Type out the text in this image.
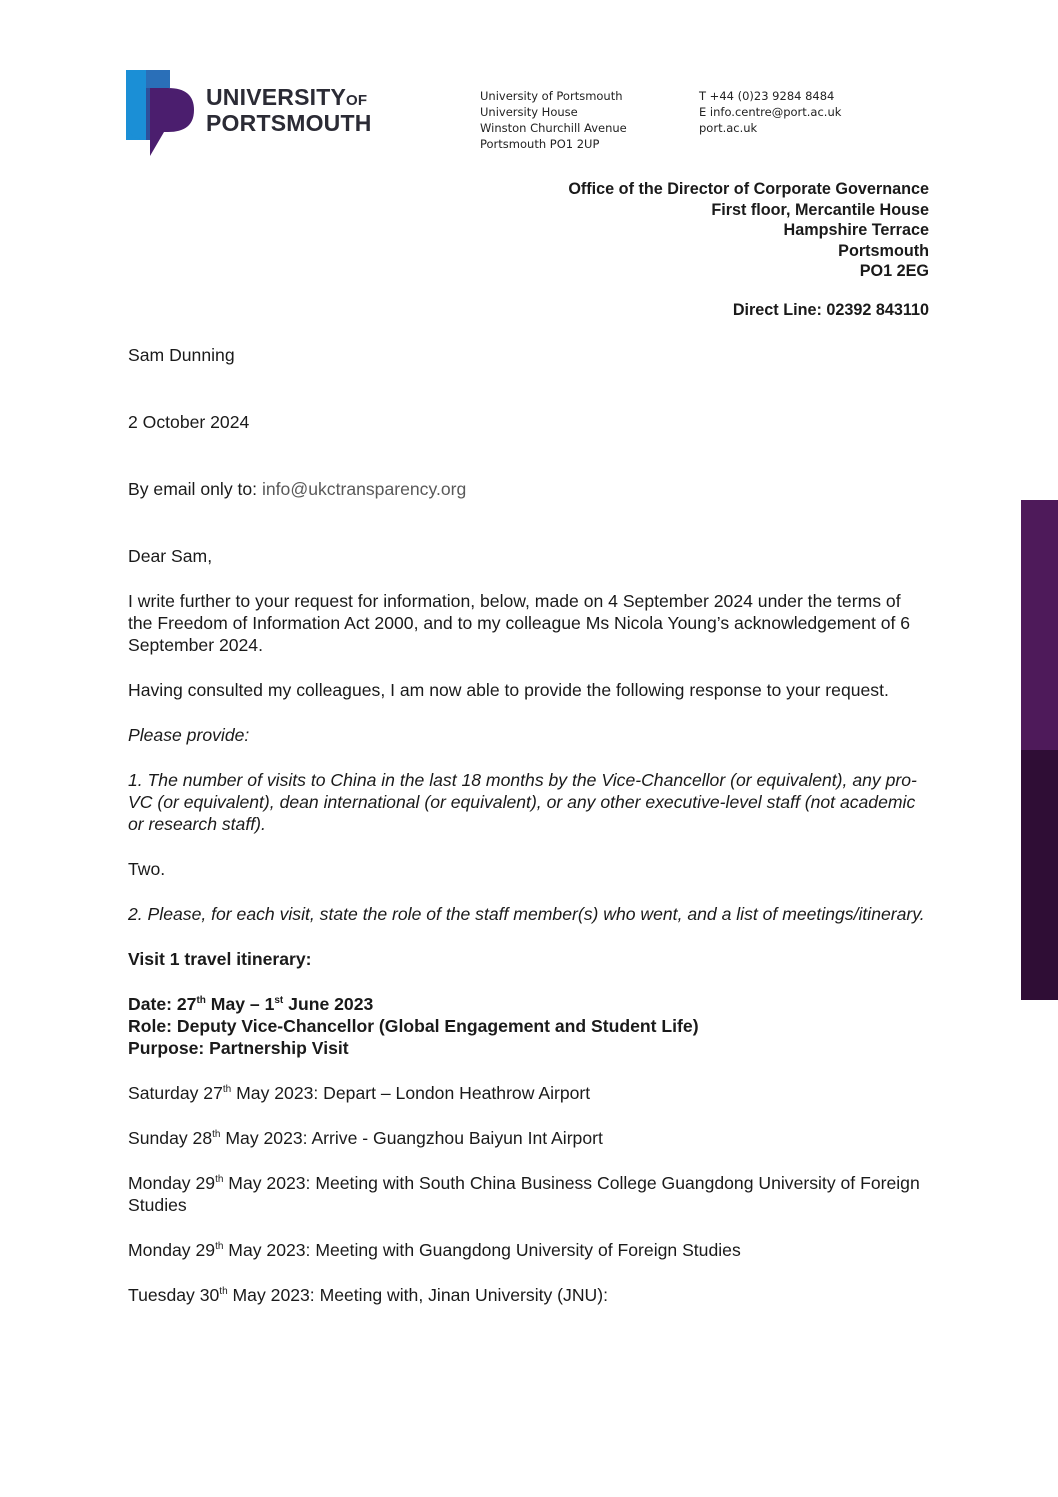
UNIVERSITYOF
PORTSMOUTH
University of Portsmouth
University House
Winston Churchill Avenue
Portsmouth PO1 2UP
T +44 (0)23 9284 8484
E info.centre@port.ac.uk
port.ac.uk
Office of the Director of Corporate Governance
First floor, Mercantile House
Hampshire Terrace
Portsmouth
PO1 2EG
Direct Line: 02392 843110

Sam Dunning

2 October 2024

By email only to: info@ukctransparency.org

Dear Sam,

I write further to your request for information, below, made on 4 September 2024 under the terms of the Freedom of Information Act 2000, and to my colleague Ms Nicola Young’s acknowledgement of 6 September 2024.

Having consulted my colleagues, I am now able to provide the following response to your request.

Please provide:

1. The number of visits to China in the last 18 months by the Vice-Chancellor (or equivalent), any pro-VC (or equivalent), dean international (or equivalent), or any other executive-level staff (not academic or research staff).

Two.

2. Please, for each visit, state the role of the staff member(s) who went, and a list of meetings/itinerary.

Visit 1 travel itinerary:

Date: 27th May – 1st June 2023

Role: Deputy Vice-Chancellor (Global Engagement and Student Life)

Purpose: Partnership Visit

Saturday 27th May 2023: Depart – London Heathrow Airport

Sunday 28th May 2023: Arrive - Guangzhou Baiyun Int Airport

Monday 29th May 2023: Meeting with South China Business College Guangdong University of Foreign Studies

Monday 29th May 2023: Meeting with Guangdong University of Foreign Studies

Tuesday 30th May 2023: Meeting with, Jinan University (JNU):
